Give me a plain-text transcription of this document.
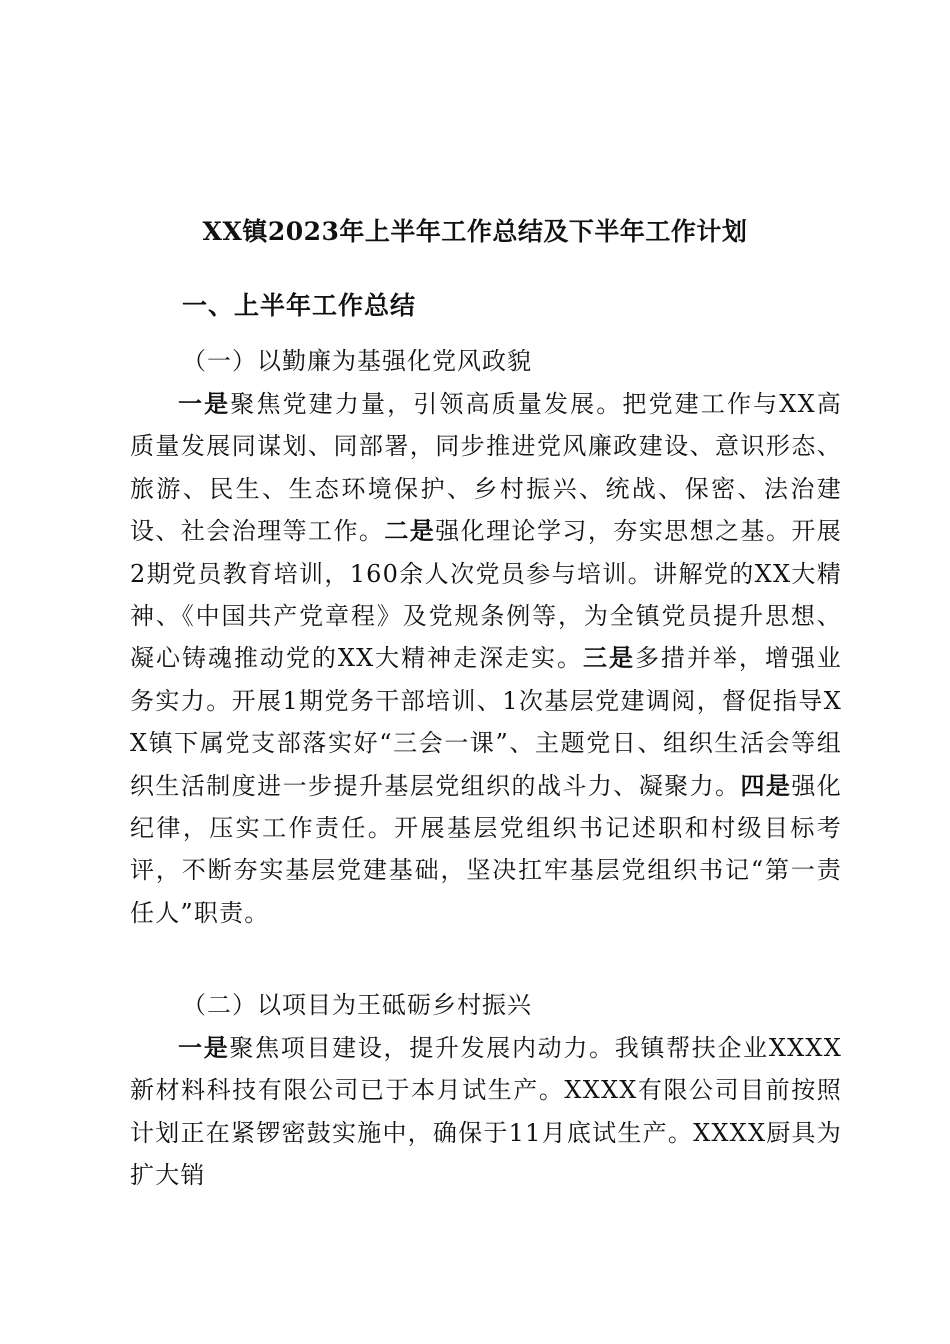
XX镇2023年上半年工作总结及下半年工作计划
一、上半年工作总结
（一）以勤廉为基强化党风政貌
一是聚焦党建力量，引领高质量发展。把党建工作与XX高质量发展同谋划、同部署，同步推进党风廉政建设、意识形态、旅游、民生、生态环境保护、乡村振兴、统战、保密、法治建设、社会治理等工作。二是强化理论学习，夯实思想之基。开展2期党员教育培训，160余人次党员参与培训。讲解党的XX大精神、《中国共产党章程》及党规条例等，为全镇党员提升思想、凝心铸魂推动党的XX大精神走深走实。三是多措并举，增强业务实力。开展1期党务干部培训、1次基层党建调阅，督促指导XX镇下属党支部落实好“三会一课”、主题党日、组织生活会等组织生活制度进一步提升基层党组织的战斗力、凝聚力。四是强化纪律，压实工作责任。开展基层党组织书记述职和村级目标考评，不断夯实基层党建基础，坚决扛牢基层党组织书记“第一责任人”职责。
（二）以项目为王砥砺乡村振兴
一是聚焦项目建设，提升发展内动力。我镇帮扶企业XXXX新材料科技有限公司已于本月试生产。XXXX有限公司目前按照计划正在紧锣密鼓实施中，确保于11月底试生产。XXXX厨具为扩大销
